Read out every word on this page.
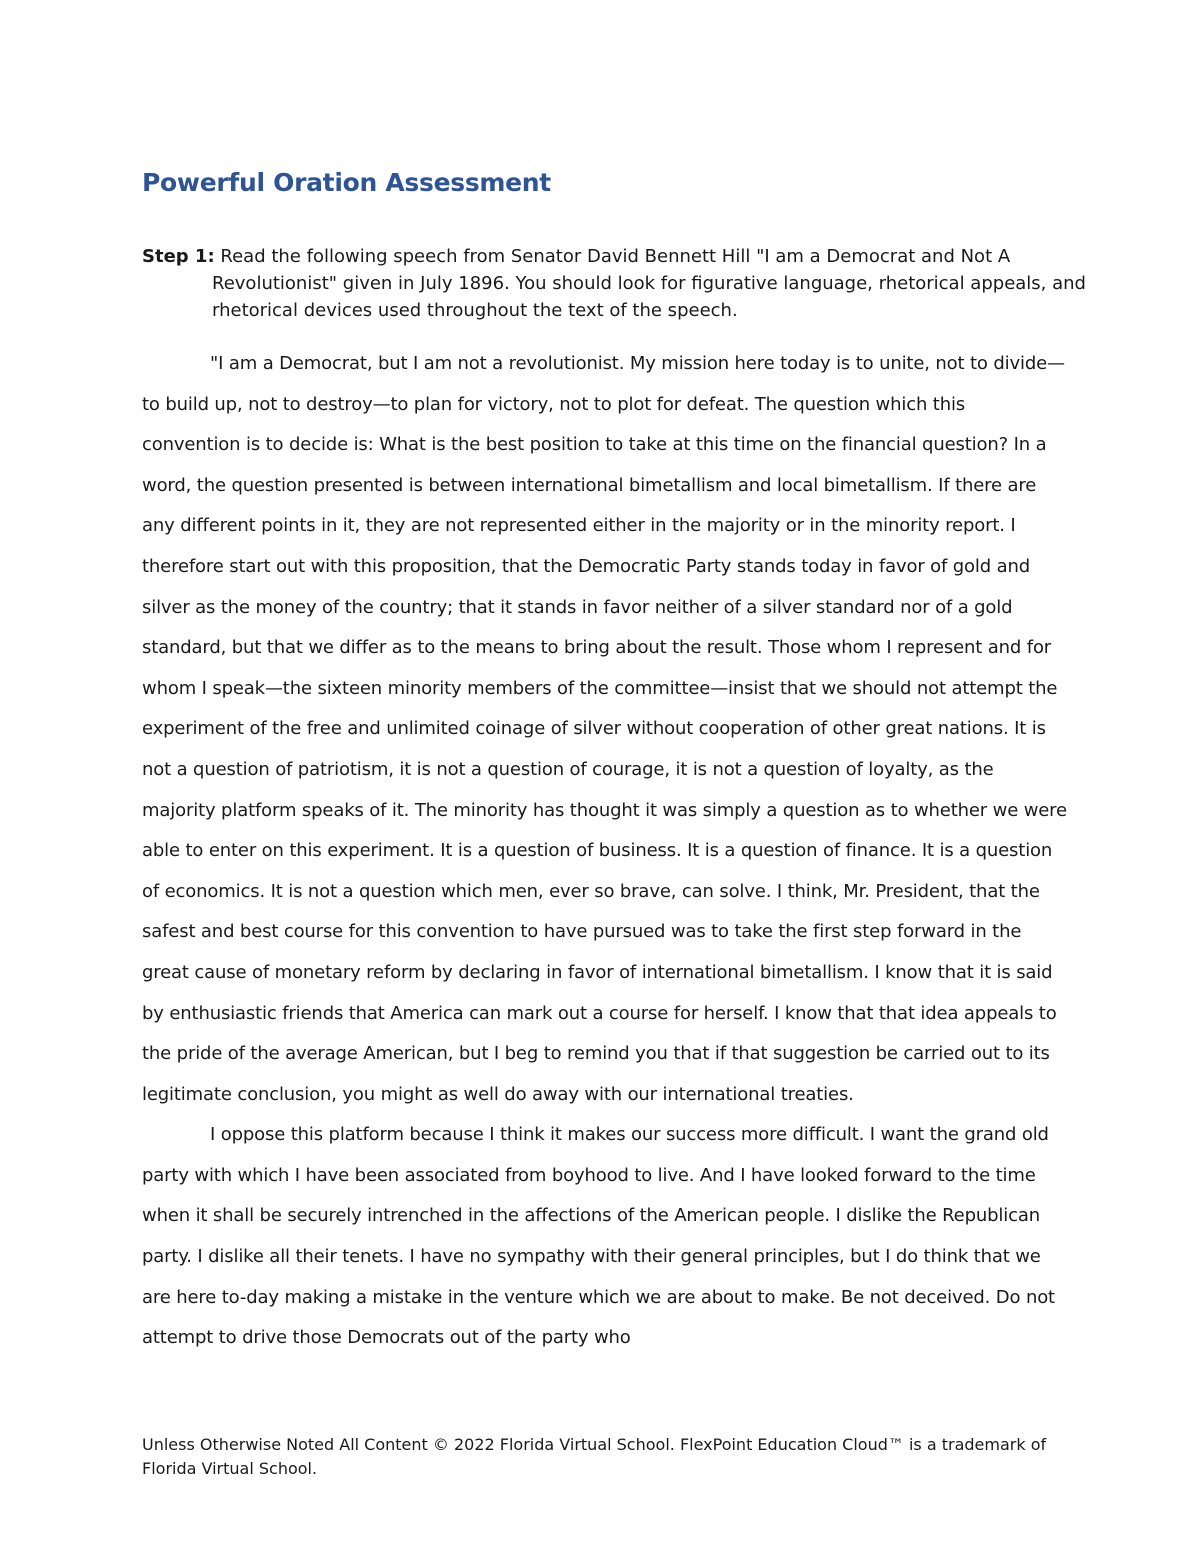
Powerful Oration Assessment

Step 1: Read the following speech from Senator David Bennett Hill "I am a Democrat and Not A Revolutionist" given in July 1896. You should look for figurative language, rhetorical appeals, and rhetorical devices used throughout the text of the speech.

"I am a Democrat, but I am not a revolutionist. My mission here today is to unite, not to divide—to build up, not to destroy—to plan for victory, not to plot for defeat. The question which this convention is to decide is: What is the best position to take at this time on the financial question? In a word, the question presented is between international bimetallism and local bimetallism. If there are any different points in it, they are not represented either in the majority or in the minority report. I therefore start out with this proposition, that the Democratic Party stands today in favor of gold and silver as the money of the country; that it stands in favor neither of a silver standard nor of a gold standard, but that we differ as to the means to bring about the result. Those whom I represent and for whom I speak—the sixteen minority members of the committee—insist that we should not attempt the experiment of the free and unlimited coinage of silver without cooperation of other great nations. It is not a question of patriotism, it is not a question of courage, it is not a question of loyalty, as the majority platform speaks of it. The minority has thought it was simply a question as to whether we were able to enter on this experiment. It is a question of business. It is a question of finance. It is a question of economics. It is not a question which men, ever so brave, can solve. I think, Mr. President, that the safest and best course for this convention to have pursued was to take the first step forward in the great cause of monetary reform by declaring in favor of international bimetallism. I know that it is said by enthusiastic friends that America can mark out a course for herself. I know that that idea appeals to the pride of the average American, but I beg to remind you that if that suggestion be carried out to its legitimate conclusion, you might as well do away with our international treaties.

I oppose this platform because I think it makes our success more difficult. I want the grand old party with which I have been associated from boyhood to live. And I have looked forward to the time when it shall be securely intrenched in the affections of the American people. I dislike the Republican party. I dislike all their tenets. I have no sympathy with their general principles, but I do think that we are here to-day making a mistake in the venture which we are about to make. Be not deceived. Do not attempt to drive those Democrats out of the party who

Unless Otherwise Noted All Content © 2022 Florida Virtual School. FlexPoint Education Cloud™ is a trademark of Florida Virtual School.
